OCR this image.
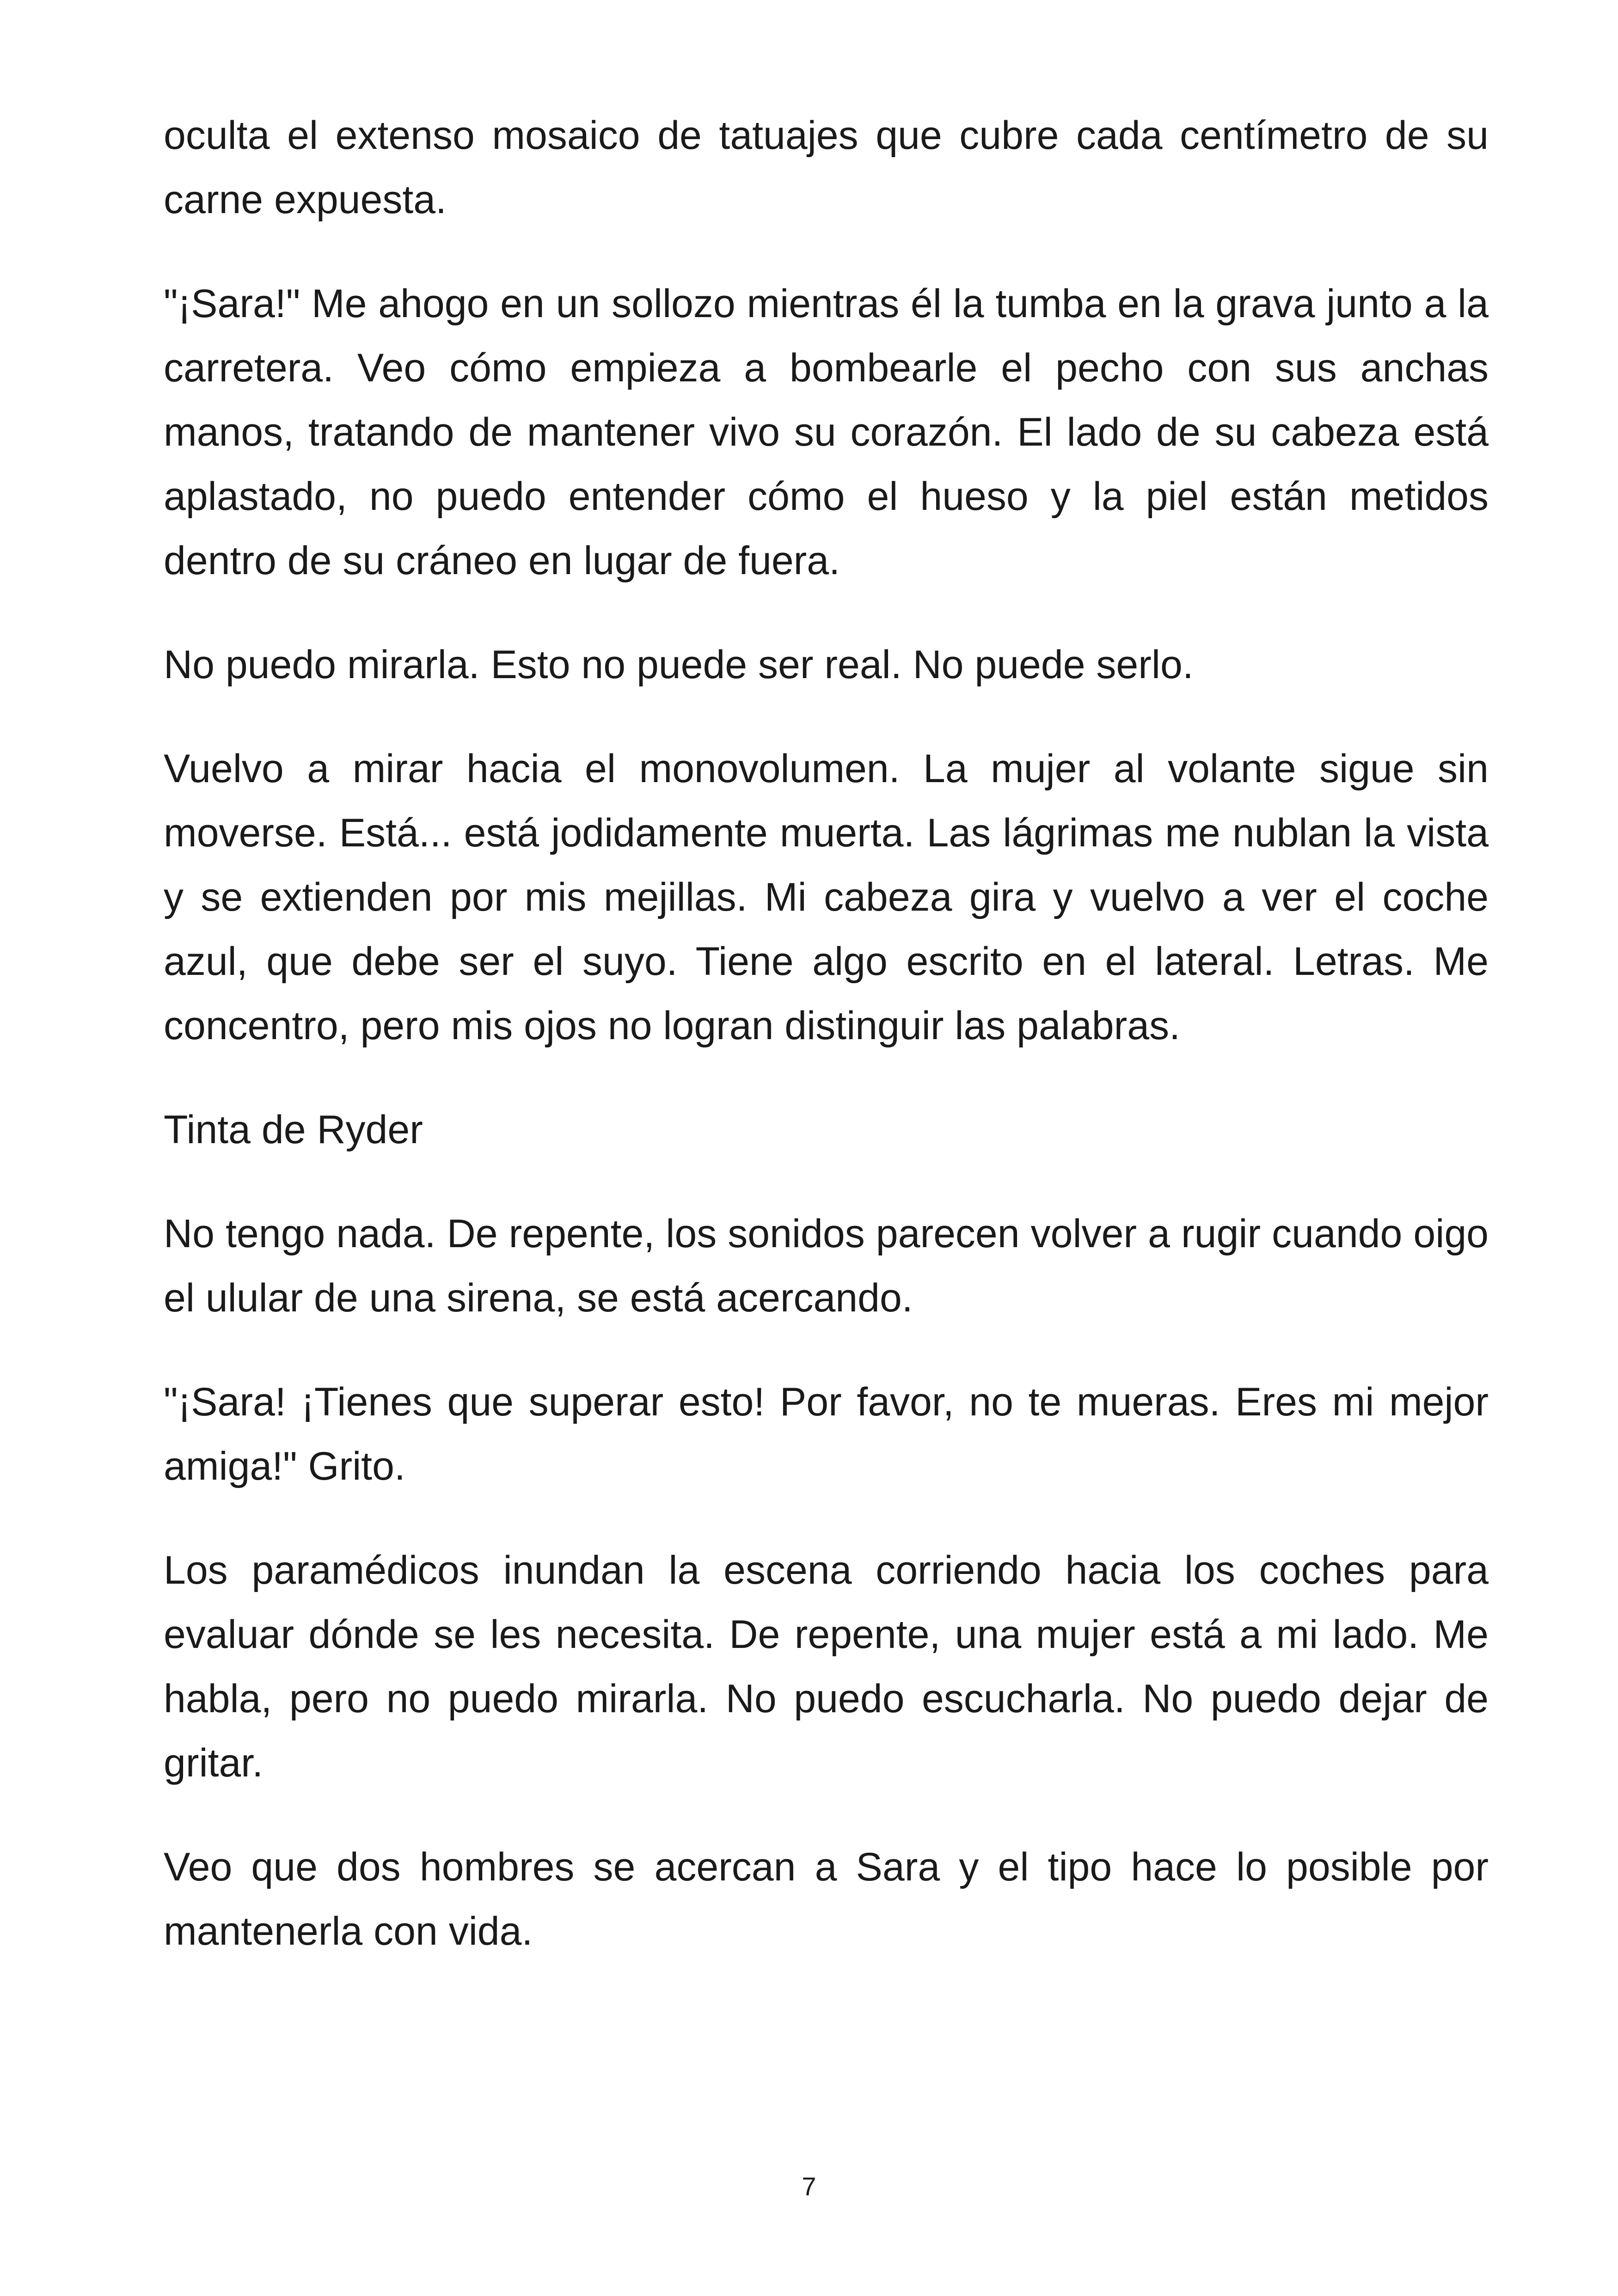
oculta el extenso mosaico de tatuajes que cubre cada centímetro de su carne expuesta.

"¡Sara!" Me ahogo en un sollozo mientras él la tumba en la grava junto a la carretera. Veo cómo empieza a bombearle el pecho con sus anchas manos, tratando de mantener vivo su corazón. El lado de su cabeza está aplastado, no puedo entender cómo el hueso y la piel están metidos dentro de su cráneo en lugar de fuera.

No puedo mirarla. Esto no puede ser real. No puede serlo.

Vuelvo a mirar hacia el monovolumen. La mujer al volante sigue sin moverse. Está... está jodidamente muerta. Las lágrimas me nublan la vista y se extienden por mis mejillas. Mi cabeza gira y vuelvo a ver el coche azul, que debe ser el suyo. Tiene algo escrito en el lateral. Letras. Me concentro, pero mis ojos no logran distinguir las palabras.

Tinta de Ryder

No tengo nada. De repente, los sonidos parecen volver a rugir cuando oigo el ulular de una sirena, se está acercando.

"¡Sara! ¡Tienes que superar esto! Por favor, no te mueras. Eres mi mejor amiga!" Grito.

Los paramédicos inundan la escena corriendo hacia los coches para evaluar dónde se les necesita. De repente, una mujer está a mi lado. Me habla, pero no puedo mirarla. No puedo escucharla. No puedo dejar de gritar.

Veo que dos hombres se acercan a Sara y el tipo hace lo posible por mantenerla con vida.

7
